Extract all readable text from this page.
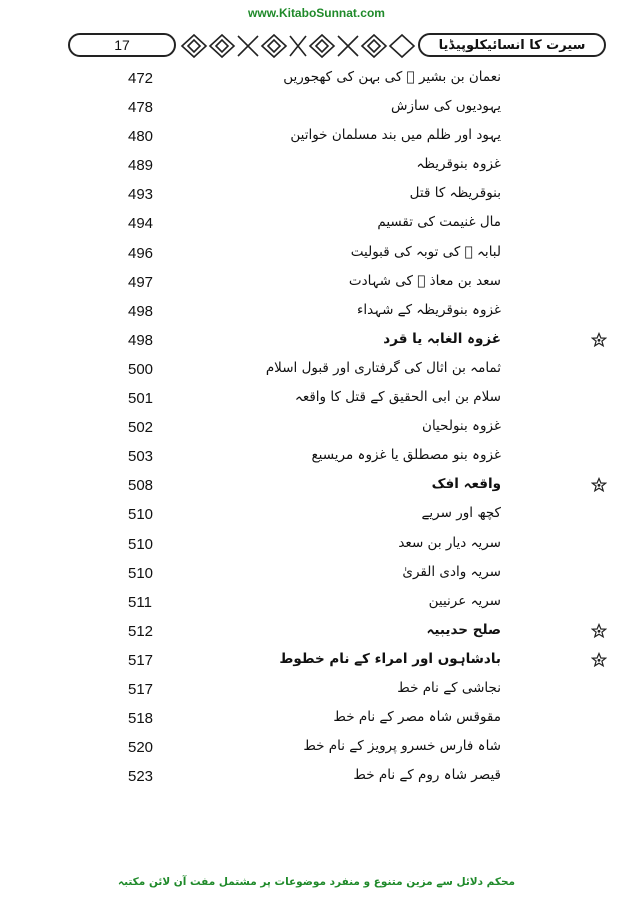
www.KitaboSunnat.com
17	سیرت کا انسائیکلوپیڈیا
472	نعمان بن بشیر ﷜ کی بہن کی کھجوریں
478	یہودیوں کی سازش
480	یہود اور ظلم میں بند مسلمان خواتین
489	غزوہ بنوقریظہ
493	بنوقریظہ کا قتل
494	مال غنیمت کی تقسیم
496	لبابہ ﷜ کی توبہ کی قبولیت
497	سعد بن معاذ ﷜ کی شہادت
498	غزوہ بنوقریظہ کے شہداء
498	غزوہ الغابہ یا قرد
500	ثمامہ بن اثال کی گرفتاری اور قبول اسلام
501	سلام بن ابی الحقیق کے قتل کا واقعہ
502	غزوہ بنولحیان
503	غزوہ بنو مصطلق یا غزوہ مریسیع
508	واقعہ افک
510	کچھ اور سریے
510	سریہ دیار بن سعد
510	سریہ وادی القریٰ
511	سریہ عرنیین
512	صلح حدیبیہ
517	بادشاہوں اور امراء کے نام خطوط
517	نجاشی کے نام خط
518	مقوقس شاہ مصر کے نام خط
520	شاہ فارس خسرو پرویز کے نام خط
523	قیصر شاہ روم کے نام خط
محکم دلائل سے مزین متنوع و منفرد موضوعات پر مشتمل مفت آن لائن مکتبہ
